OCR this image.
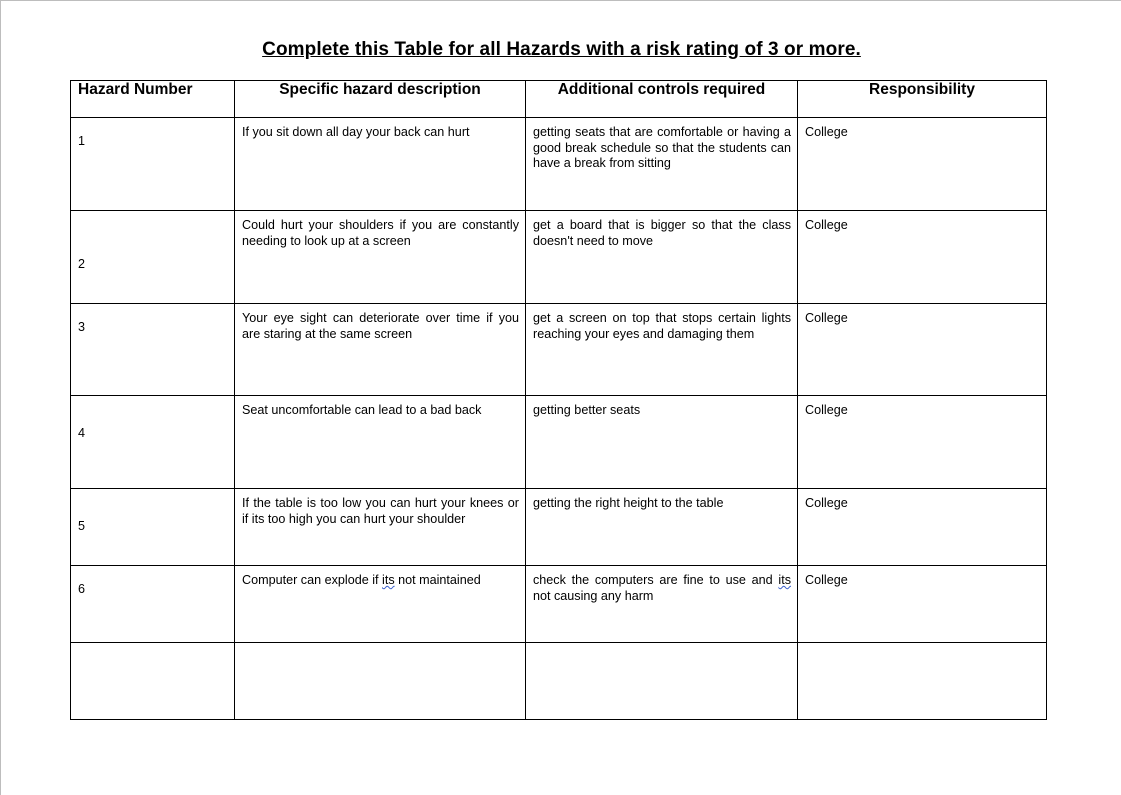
Complete this Table for all Hazards with a risk rating of 3 or more.
Hazard Number	Specific hazard description	Additional controls required	Responsibility

1	If you sit down all day your back can hurt	getting seats that are comfortable or having a good break schedule so that the students can have a break from sitting	College

2	Could hurt your shoulders if you are constantly needing to look up at a screen	get a board that is bigger so that the class doesn't need to move	College

3	Your eye sight can deteriorate over time if you are staring at the same screen	get a screen on top that stops certain lights reaching your eyes and damaging them	College

4	Seat uncomfortable can lead to a bad back	getting better seats	College

5	If the table is too low you can hurt your knees or if its too high you can hurt your shoulder	getting the right height to the table	College

6	Computer can explode if its not maintained	check the computers are fine to use and its not causing any harm	College
